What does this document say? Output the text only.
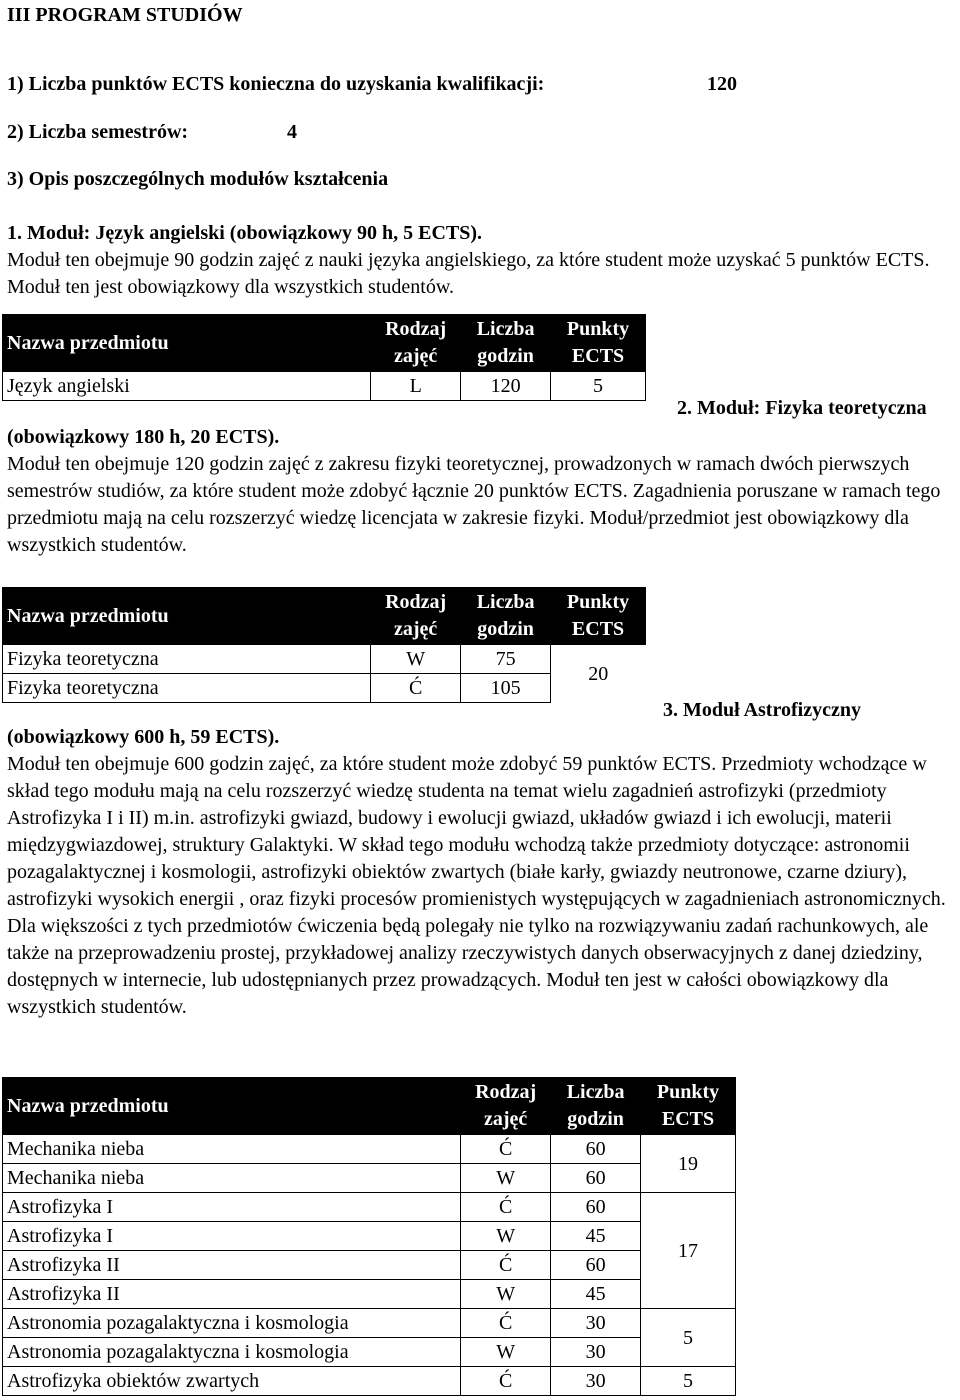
III PROGRAM STUDIÓW
1) Liczba punktów ECTS konieczna do uzyskania kwalifikacji:	120
2) Liczba semestrów:	4
3) Opis poszczególnych modułów kształcenia
1. Moduł: Język angielski (obowiązkowy 90 h, 5 ECTS).
Moduł ten obejmuje 90 godzin zajęć z nauki języka angielskiego, za które student może uzyskać 5 punktów ECTS. Moduł ten jest obowiązkowy dla wszystkich studentów.
Nazwa przedmiotu	Rodzaj zajęć	Liczba godzin	Punkty ECTS
Język angielski	L	120	5
2. Moduł: Fizyka teoretyczna
(obowiązkowy 180 h, 20 ECTS).
Moduł ten obejmuje 120 godzin zajęć z zakresu fizyki teoretycznej, prowadzonych w ramach dwóch pierwszych semestrów studiów, za które student może zdobyć łącznie 20 punktów ECTS. Zagadnienia poruszane w ramach tego przedmiotu mają na celu rozszerzyć wiedzę licencjata w zakresie fizyki. Moduł/przedmiot jest obowiązkowy dla wszystkich studentów.
Nazwa przedmiotu	Rodzaj zajęć	Liczba godzin	Punkty ECTS
Fizyka teoretyczna	W	75	20
Fizyka teoretyczna	Ć	105	
3. Moduł Astrofizyczny
(obowiązkowy 600 h, 59 ECTS).
Moduł ten obejmuje 600 godzin zajęć, za które student może zdobyć 59 punktów ECTS. Przedmioty wchodzące w skład tego modułu mają na celu rozszerzyć wiedzę studenta na temat wielu zagadnień astrofizyki (przedmioty Astrofizyka I i II) m.in. astrofizyki gwiazd, budowy i ewolucji gwiazd, układów gwiazd i ich ewolucji, materii międzygwiazdowej, struktury Galaktyki. W skład tego modułu wchodzą także przedmioty dotyczące: astronomii pozagalaktycznej i kosmologii, astrofizyki obiektów zwartych (białe karły, gwiazdy neutronowe, czarne dziury), astrofizyki wysokich energii , oraz fizyki procesów promienistych występujących w zagadnieniach astronomicznych. Dla większości z tych przedmiotów ćwiczenia będą polegały nie tylko na rozwiązywaniu zadań rachunkowych, ale także na przeprowadzeniu prostej, przykładowej analizy rzeczywistych danych obserwacyjnych z danej dziedziny, dostępnych w internecie, lub udostępnianych przez prowadzących. Moduł ten jest w całości obowiązkowy dla wszystkich studentów.
Nazwa przedmiotu	Rodzaj zajęć	Liczba godzin	Punkty ECTS
Mechanika nieba	Ć	60	19
Mechanika nieba	W	60	
Astrofizyka I	Ć	60	17
Astrofizyka I	W	45	
Astrofizyka II	Ć	60	
Astrofizyka II	W	45	
Astronomia pozagalaktyczna i kosmologia	Ć	30	5
Astronomia pozagalaktyczna i kosmologia	W	30	
Astrofizyka obiektów zwartych	Ć	30	5
